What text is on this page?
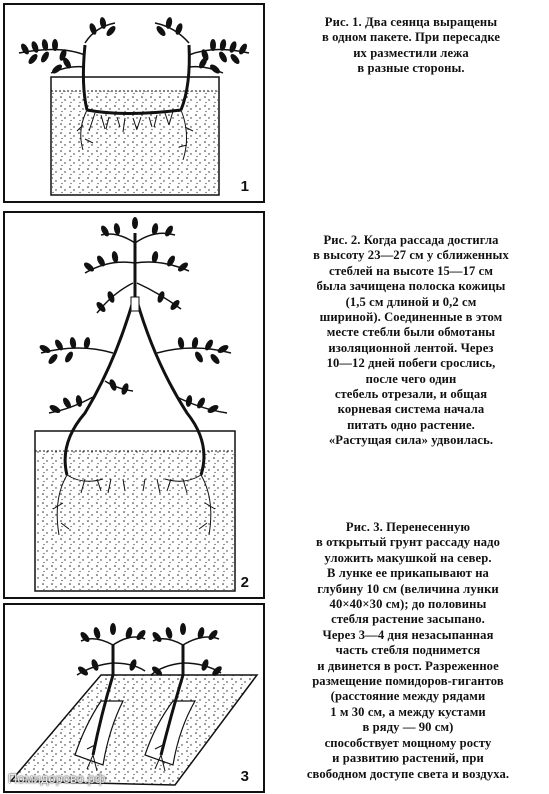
1
2
3
Рис. 1. Два сеянца выращены
в одном пакете. При пересадке
их разместили лежа
в разные стороны.
Рис. 2. Когда рассада достигла
в высоту 23—27 см у сближенных
стеблей на высоте 15—17 см
была зачищена полоска кожицы
(1,5 см длиной и 0,2 см
шириной). Соединенные в этом
месте стебли были обмотаны
изоляционной лентой. Через
10—12 дней побеги срослись,
после чего один
стебель отрезали, и общая
корневая система начала
питать одно растение.
«Растущая сила» удвоилась.
Рис. 3. Перенесенную
в открытый грунт рассаду надо
уложить макушкой на север.
В лунке ее прикапывают на
глубину 10 см (величина лунки
40×40×30 см); до половины
стебля растение засыпано.
Через 3—4 дня незасыпанная
часть стебля поднимется
и двинется в рост. Разреженное
размещение помидоров-гигантов
(расстояние между рядами
1 м 30 см, а между кустами
в ряду — 90 см)
способствует мощному росту
и развитию растений, при
свободном доступе света и воздуха.
Помидорово.рф
